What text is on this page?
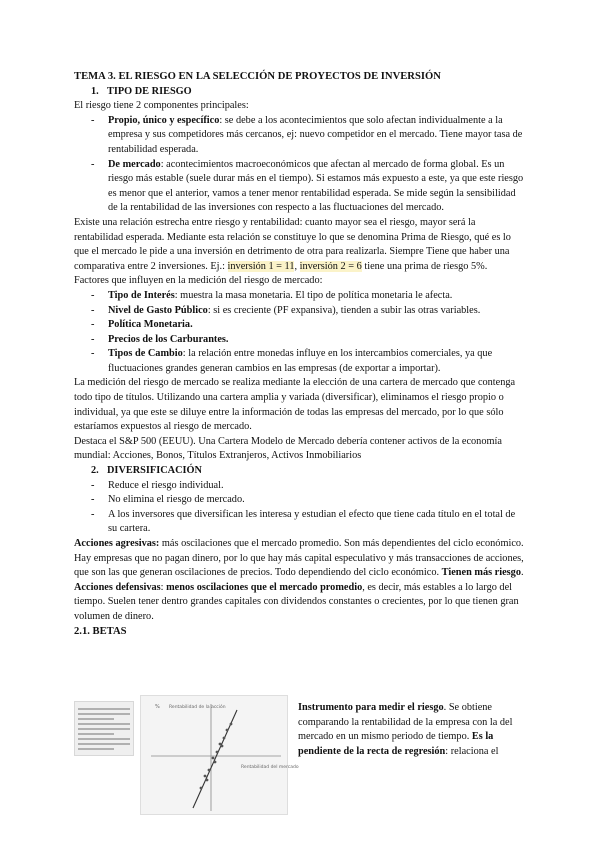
TEMA 3. EL RIESGO EN LA SELECCIÓN DE PROYECTOS DE INVERSIÓN
1. TIPO DE RIESGO
El riesgo tiene 2 componentes principales:
- Propio, único y específico: se debe a los acontecimientos que solo afectan individualmente a la empresa y sus competidores más cercanos, ej: nuevo competidor en el mercado. Tiene mayor tasa de rentabilidad esperada.
- De mercado: acontecimientos macroeconómicos que afectan al mercado de forma global. Es un riesgo más estable (suele durar más en el tiempo). Si estamos más expuesto a este, ya que este riesgo es menor que el anterior, vamos a tener menor rentabilidad esperada. Se mide según la sensibilidad de la rentabilidad de las inversiones con respecto a las fluctuaciones del mercado.
Existe una relación estrecha entre riesgo y rentabilidad: cuanto mayor sea el riesgo, mayor será la rentabilidad esperada. Mediante esta relación se constituye lo que se denomina Prima de Riesgo, qué es lo que el mercado le pide a una inversión en detrimento de otra para realizarla. Siempre Tiene que haber una comparativa entre 2 inversiones. Ej.: inversión 1 = 11, inversión 2 = 6 tiene una prima de riesgo 5%.
Factores que influyen en la medición del riesgo de mercado:
- Tipo de Interés: muestra la masa monetaria. El tipo de política monetaria le afecta.
- Nivel de Gasto Público: si es creciente (PF expansiva), tienden a subir las otras variables.
- Política Monetaria.
- Precios de los Carburantes.
- Tipos de Cambio: la relación entre monedas influye en los intercambios comerciales, ya que fluctuaciones grandes generan cambios en las empresas (de exportar a importar).
La medición del riesgo de mercado se realiza mediante la elección de una cartera de mercado que contenga todo tipo de títulos. Utilizando una cartera amplia y variada (diversificar), eliminamos el riesgo propio o individual, ya que este se diluye entre la información de todas las empresas del mercado, por lo que sólo estaríamos expuestos al riesgo de mercado.
Destaca el S&P 500 (EEUU). Una Cartera Modelo de Mercado debería contener activos de la economía mundial: Acciones, Bonos, Títulos Extranjeros, Activos Inmobiliarios
2. DIVERSIFICACIÓN
- Reduce el riesgo individual.
- No elimina el riesgo de mercado.
- A los inversores que diversifican les interesa y estudian el efecto que tiene cada título en el total de su cartera.
Acciones agresivas: más oscilaciones que el mercado promedio. Son más dependientes del ciclo económico. Hay empresas que no pagan dinero, por lo que hay más capital especulativo y más transacciones de acciones, que son las que generan oscilaciones de precios. Todo dependiendo del ciclo económico. Tienen más riesgo.
Acciones defensivas: menos oscilaciones que el mercado promedio, es decir, más estables a lo largo del tiempo. Suelen tener dentro grandes capitales con dividendos constantes o crecientes, por lo que tienen gran volumen de dinero.
2.1. BETAS
% Rentabilidad de la acción
Rentabilidad del mercado
Instrumento para medir el riesgo. Se obtiene comparando la rentabilidad de la empresa con la del mercado en un mismo periodo de tiempo. Es la pendiente de la recta de regresión: relaciona el
